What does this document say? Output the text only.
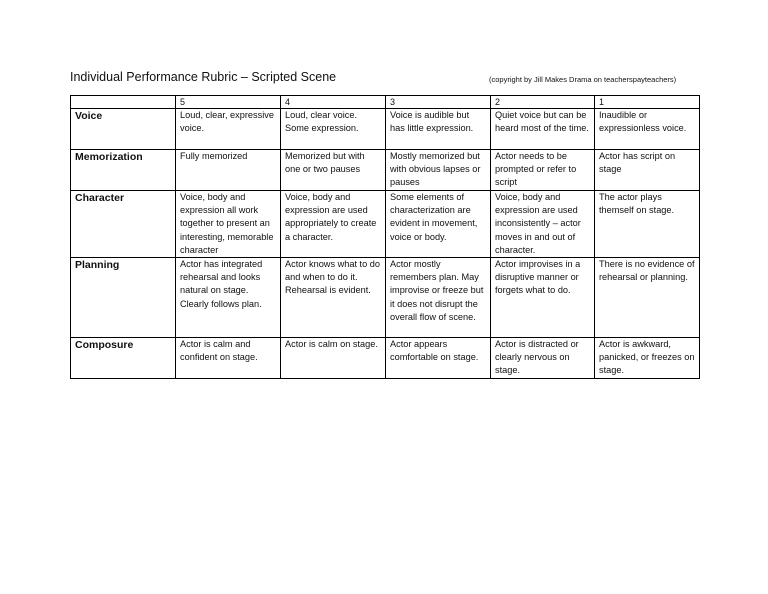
Individual Performance Rubric – Scripted Scene	(copyright by Jill Makes Drama on teacherspayteachers)
	5	4	3	2	1
Voice	Loud, clear, expressive voice.	Loud, clear voice. Some expression.	Voice is audible but has little expression.	Quiet voice but can be heard most of the time.	Inaudible or expressionless voice.
Memorization	Fully memorized	Memorized but with one or two pauses	Mostly memorized but with obvious lapses or pauses	Actor needs to be prompted or refer to script	Actor has script on stage
Character	Voice, body and expression all work together to present an interesting, memorable character	Voice, body and expression are used appropriately to create a character.	Some elements of characterization are evident in movement, voice or body.	Voice, body and expression are used inconsistently – actor moves in and out of character.	The actor plays themself on stage.
Planning	Actor has integrated rehearsal and looks natural on stage. Clearly follows plan.	Actor knows what to do and when to do it. Rehearsal is evident.	Actor mostly remembers plan. May improvise or freeze but it does not disrupt the overall flow of scene.	Actor improvises in a disruptive manner or forgets what to do.	There is no evidence of rehearsal or planning.
Composure	Actor is calm and confident on stage.	Actor is calm on stage.	Actor appears comfortable on stage.	Actor is distracted or clearly nervous on stage.	Actor is awkward, panicked, or freezes on stage.
